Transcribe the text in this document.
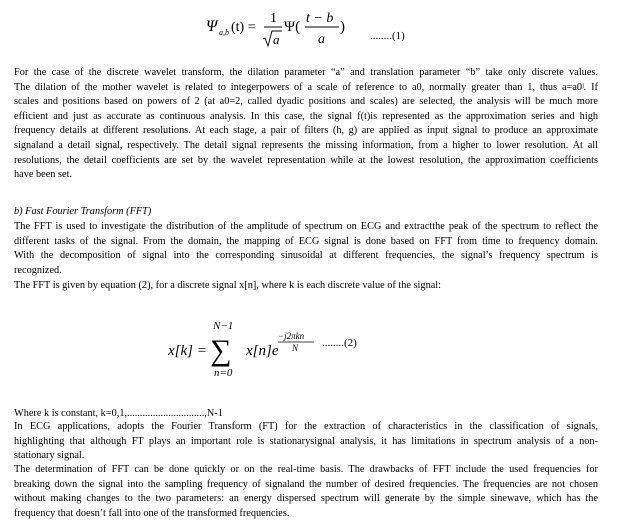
Ψ a,b (t) =
1
a
Ψ(
t − b
a
)
........(1)
For the case of the discrete wavelet transform, the dilation parameter “a” and translation parameter “b” take only discrete values.
The dilation of the mother wavelet is related to integerpowers of a scale of reference to a0, normally greater than 1, thus a=a0ʲ. If
scales and positions based on powers of 2 (at a0=2, called dyadic positions and scales) are selected, the analysis will be much more
efficient and just as accurate as continuous analysis. In this case, the signal f(t)is represented as the approximation series and high
frequency details at different resolutions. At each stage, a pair of filters (h, g) are applied as input signal to produce an approximate
signaland a detail signal, respectively. The detail signal represents the missing information, from a higher to lower resolution. At all
resolutions, the detail coefficients are set by the wavelet representation while at the lowest resolution, the approximation coefficients
have been set.
b) Fast Fourier Transform (FFT)
The FFT is used to investigate the distribution of the amplitude of spectrum on ECG and extractthe peak of the spectrum to reflect the
different tasks of the signal. From the domain, the mapping of ECG signal is done based on FFT from time to frequency domain.
With the decomposition of signal into the corresponding sinusoidal at different frequencies, the signal’s frequency spectrum is
recognized.
The FFT is given by equation (2), for a discrete signal x[n], where k is each discrete value of the signal:
x[k] =
N−1
∑
n=0
x[n]e
−j2πkn
N ........(2)
Where k is constant, k=0,1,..............................,N-1
In ECG applications, adopts the Fourier Transform (FT) for the extraction of characteristics in the classification of signals,
highlighting that although FT plays an important role is stationarysignal analysis, it has limitations in spectrum analysis of a non-
stationary signal.
The determination of FFT can be done quickly or on the real-time basis. The drawbacks of FFT include the used frequencies for
breaking down the signal into the sampling frequency of signaland the number of desired frequencies. The frequencies are not chosen
without making changes to the two parameters: an energy dispersed spectrum will generate by the simple sinewave, which has the
frequency that doesn’t fall into one of the transformed frequencies.
